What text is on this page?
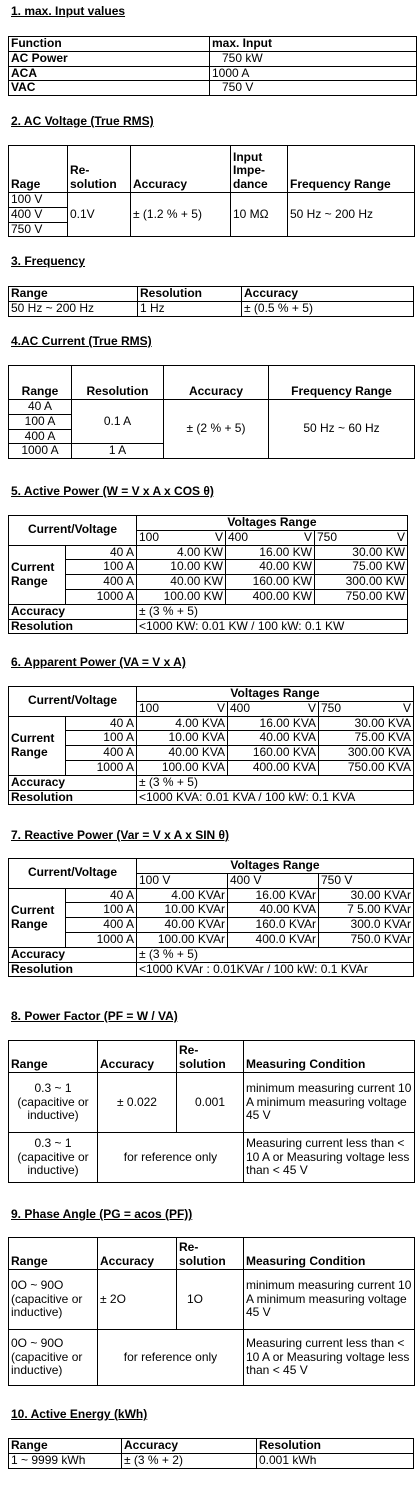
1. max. Input values
Function	max. Input
AC Power	750 kW
ACA	1000 A
VAC	750 V
2. AC Voltage (True RMS)
Rage	Re-solution	Accuracy	Input Impe-dance	Frequency Range
100 V	0.1V	± (1.2 % + 5)	10 MΩ	50 Hz ~ 200 Hz
400 V				
750 V				
3. Frequency
Range	Resolution	Accuracy
50 Hz ~ 200 Hz	1 Hz	± (0.5 % + 5)
4.AC Current (True RMS)
Range	Resolution	Accuracy	Frequency Range
40 A	0.1 A	± (2 % + 5)	50 Hz ~ 60 Hz
100 A			
400 A			
1000 A	1 A		
5. Active Power (W = V x A x COS θ)
Current/Voltage		Voltages Range		

		100 V	400 V	750 V

Current Range	40 A	4.00 KW	16.00 KW	30.00 KW
	100 A	10.00 KW	40.00 KW	75.00 KW
	400 A	40.00 KW	160.00 KW	300.00 KW
	1000 A	100.00 KW	400.00 KW	750.00 KW
Accuracy		± (3 % + 5)		
Resolution		<1000 KW: 0.01 KW / 100 kW: 0.1 KW		
6. Apparent Power (VA = V x A)
Current/Voltage		Voltages Range		

		100 V	400 V	750 V

Current Range	40 A	4.00 KVA	16.00 KVA	30.00 KVA
	100 A	10.00 KVA	40.00 KVA	75.00 KVA
	400 A	40.00 KVA	160.00 KVA	300.00 KVA
	1000 A	100.00 KVA	400.00 KVA	750.00 KVA
Accuracy		± (3 % + 5)		
Resolution		<1000 KVA: 0.01 KVA / 100 kW: 0.1 KVA		
7. Reactive Power (Var = V x A x SIN θ)
Current/Voltage		Voltages Range		
		100 V	400 V	750 V
Current Range	40 A	4.00 KVAr	16.00 KVAr	30.00 KVAr
	100 A	10.00 KVAr	40.00 KVA	7 5.00 KVAr
	400 A	40.00 KVAr	160.0 KVAr	300.0 KVAr
	1000 A	100.00 KVAr	400.0 KVAr	750.0 KVAr
Accuracy		± (3 % + 5)		
Resolution		<1000 KVAr : 0.01KVAr / 100 kW: 0.1 KVAr		
8. Power Factor (PF = W / VA)
Range	Accuracy	Re-solution	Measuring Condition
0.3 ~ 1 (capacitive or inductive)	± 0.022	0.001	minimum measuring current 10 A minimum measuring voltage 45 V
0.3 ~ 1 (capacitive or inductive)	for reference only		Measuring current less than < 10 A or Measuring voltage less than < 45 V
9. Phase Angle (PG = acos (PF))
Range	Accuracy	Re-solution	Measuring Condition
0O ~ 90O (capacitive or inductive)	± 2O	1O	minimum measuring current 10 A minimum measuring voltage 45 V
0O ~ 90O (capacitive or inductive)	for reference only		Measuring current less than < 10 A or Measuring voltage less than < 45 V
10. Active Energy (kWh)
Range	Accuracy	Resolution
1 ~ 9999 kWh	± (3 % + 2)	0.001 kWh
